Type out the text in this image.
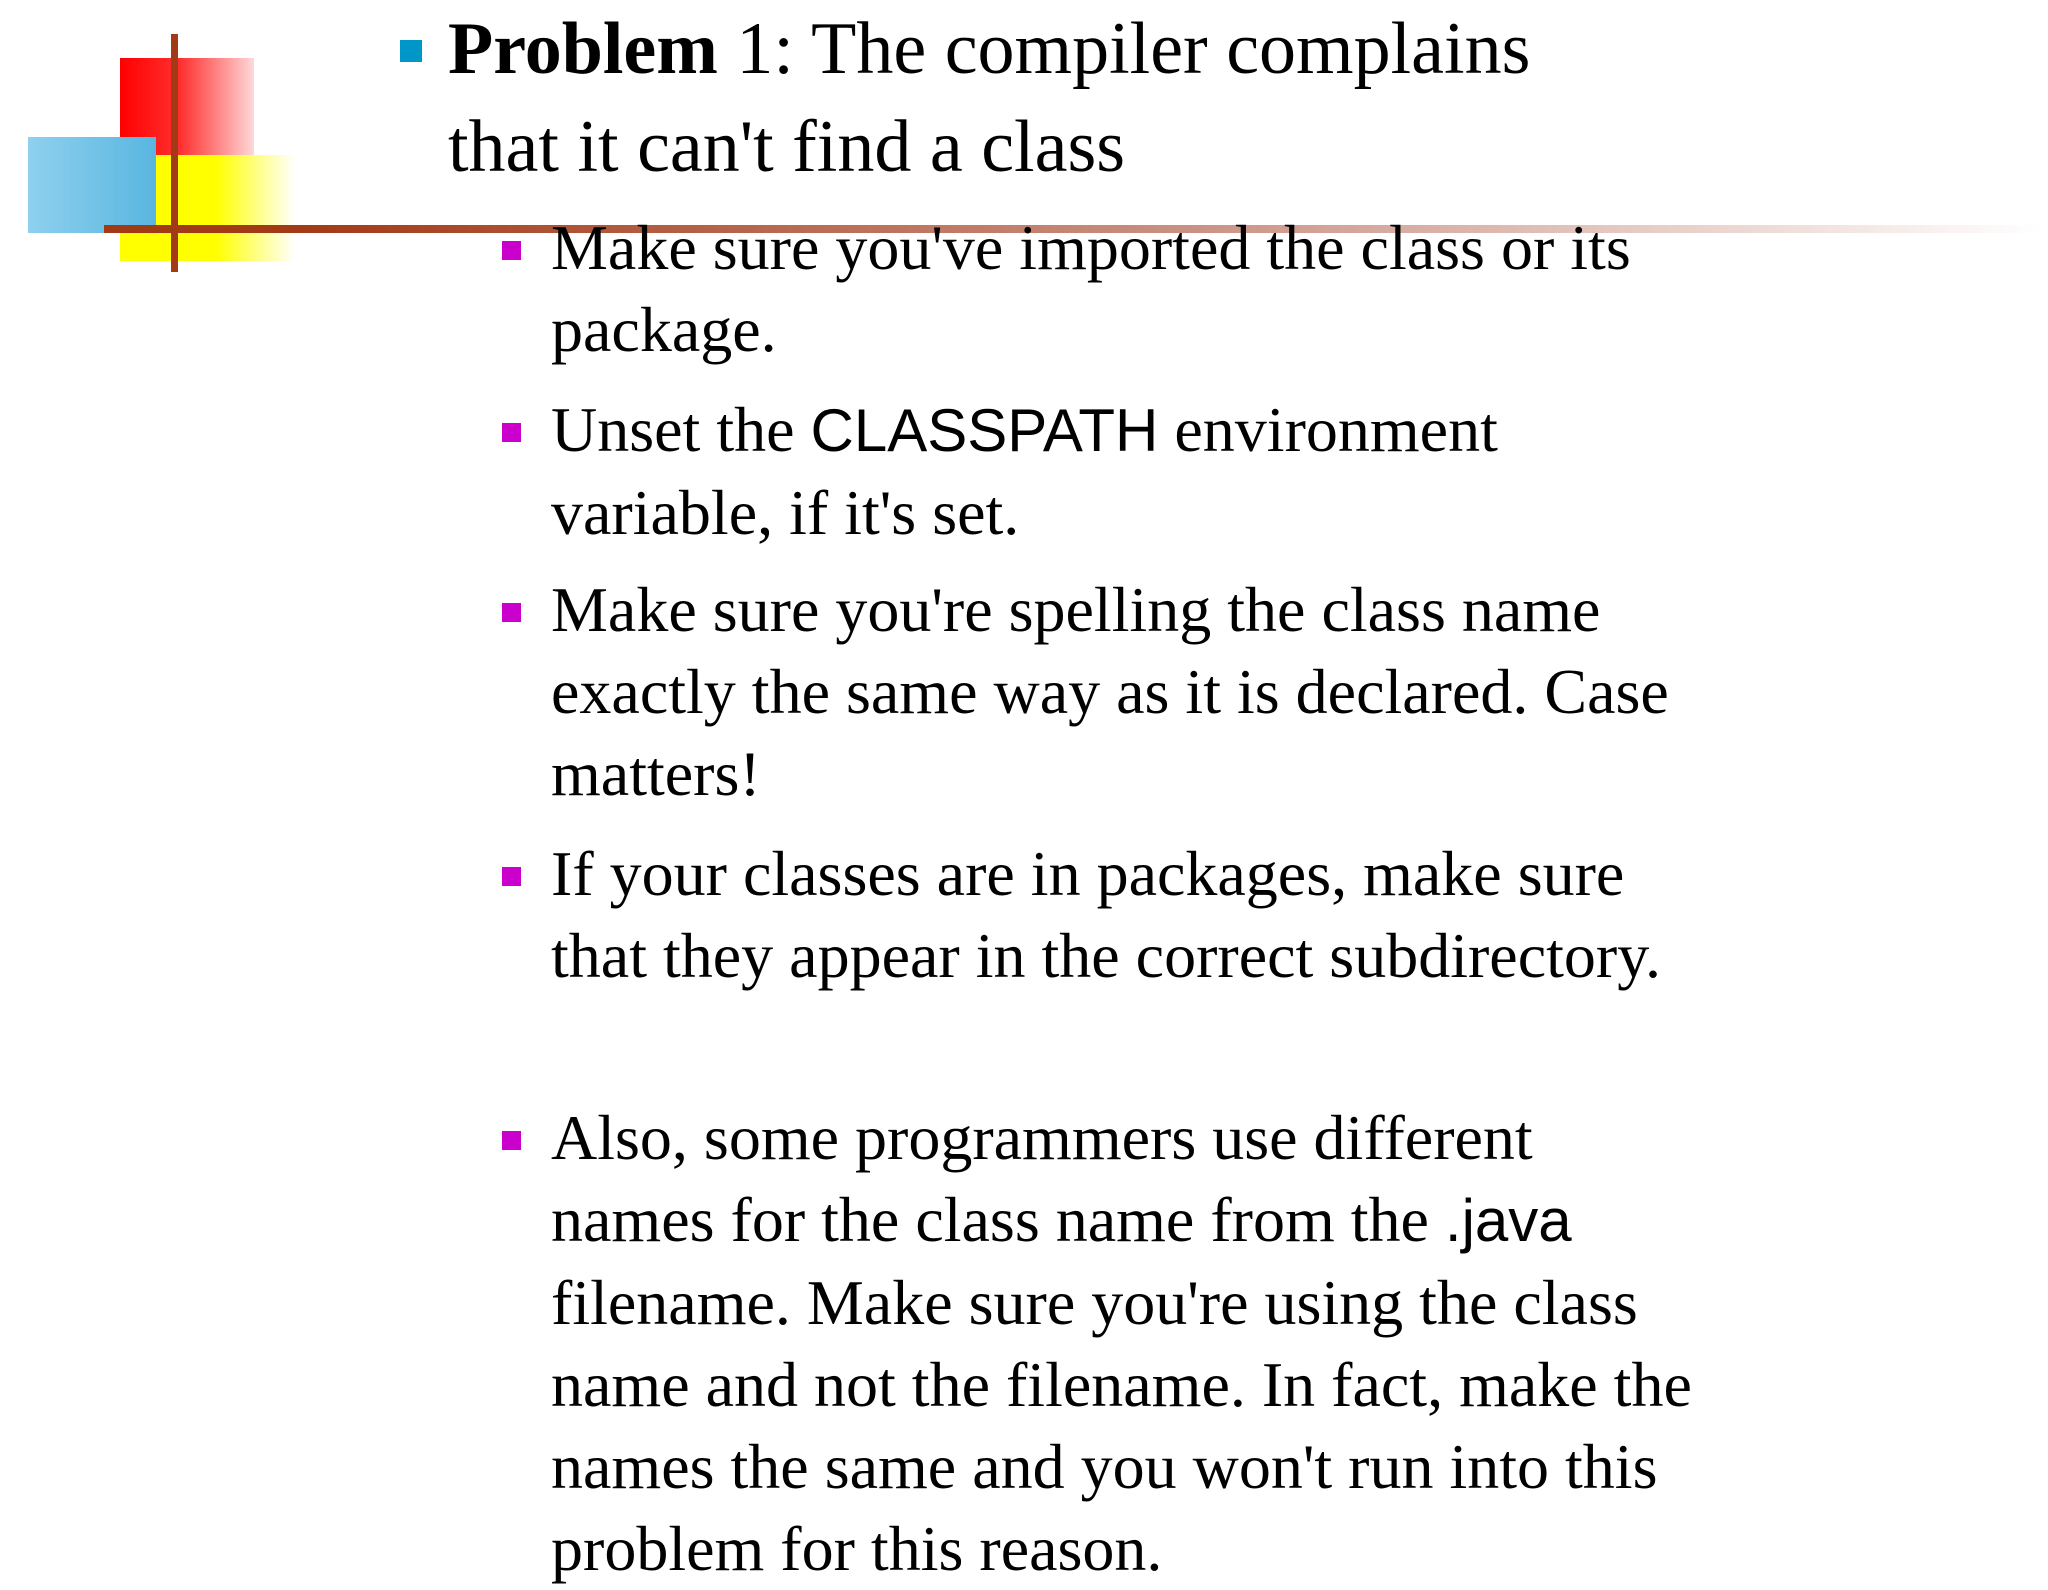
Problem 1: The compiler complains
that it can't find a class

Make sure you've imported the class or its package.

Unset the CLASSPATH environment variable, if it's set.

Make sure you're spelling the class name exactly the same way as it is declared. Case matters!

If your classes are in packages, make sure that they appear in the correct subdirectory.

Also, some programmers use different names for the class name from the .java filename. Make sure you're using the class name and not the filename. In fact, make the names the same and you won't run into this problem for this reason.
